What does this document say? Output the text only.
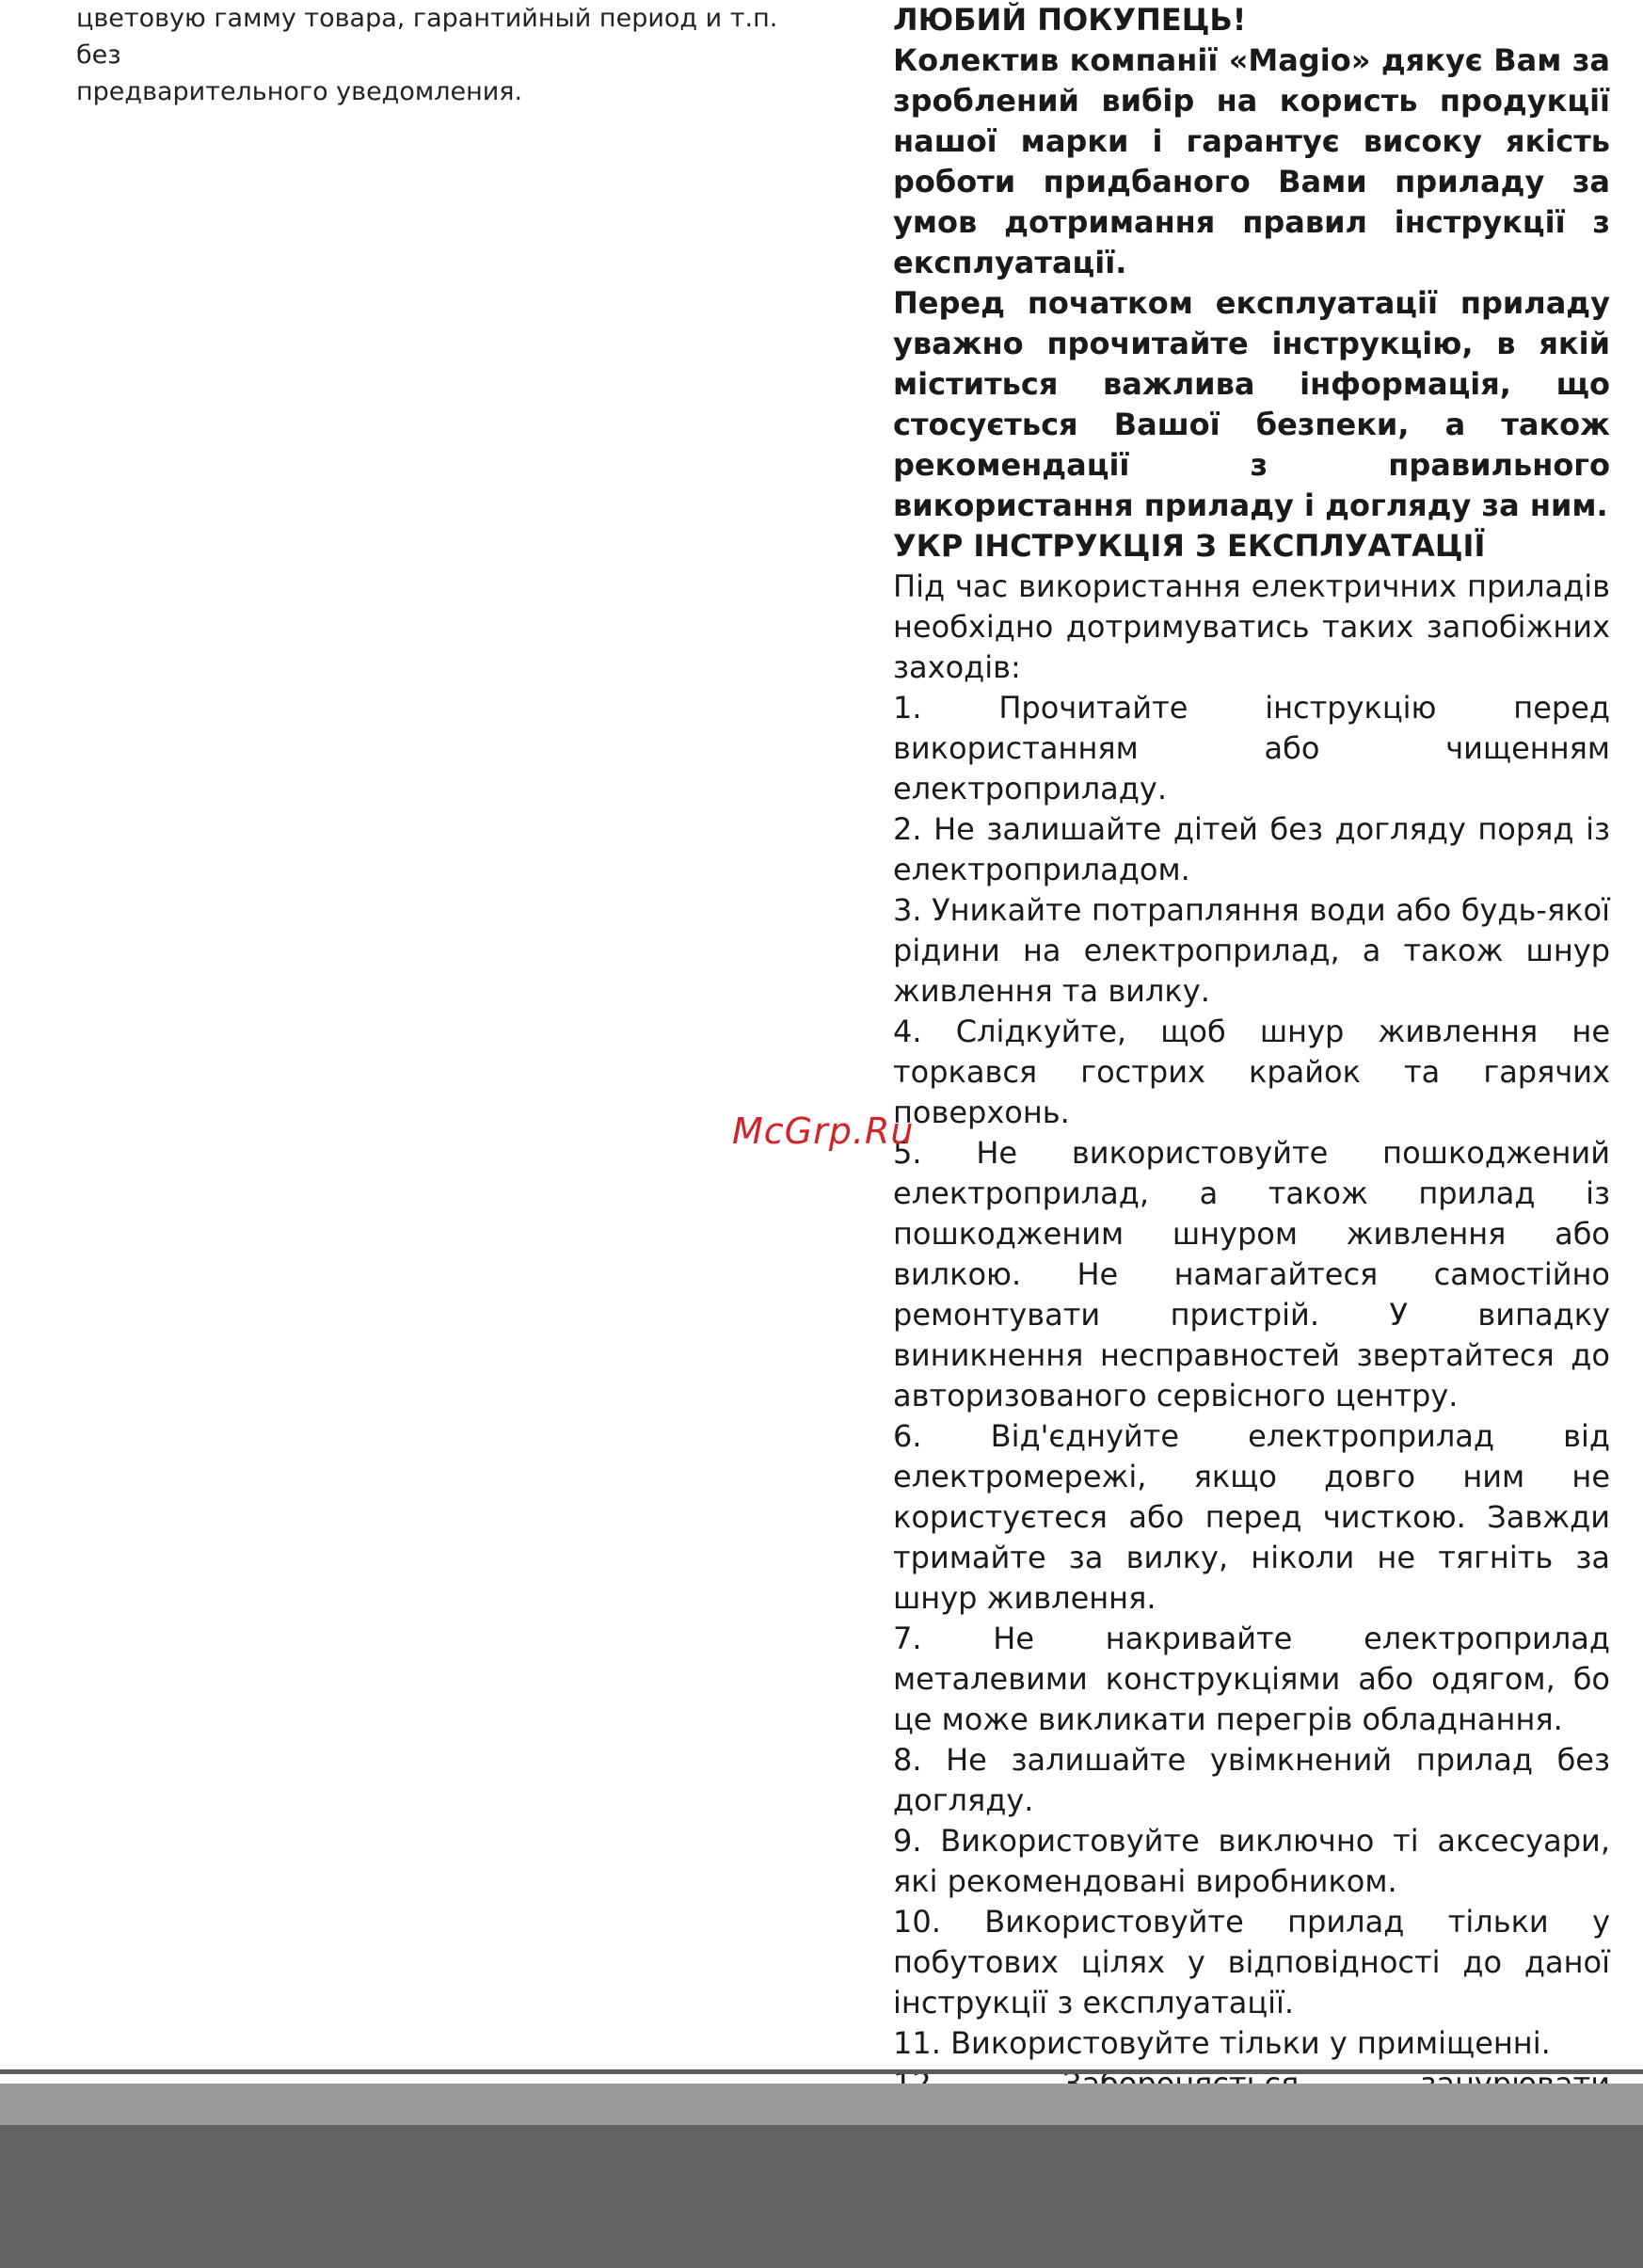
цветовую гамму товара, гарантийный период и т.п. без

предварительного уведомления.

ЛЮБИЙ ПОКУПЕЦЬ!

Колектив компанії «Magio» дякує Вам за зроблений вибір на користь продукції нашої марки і гарантує високу якість роботи придбаного Вами приладу за умов дотримання правил інструкції з експлуатації.

Перед початком експлуатації приладу уважно прочитайте інструкцію, в якій міститься важлива інформація, що стосується Вашої безпеки, а також рекомендації з правильного використання приладу і догляду за ним.

УКР ІНСТРУКЦІЯ З ЕКСПЛУАТАЦІЇ

Під час використання електричних приладів необхідно дотримуватись таких запобіжних заходів:

1. Прочитайте інструкцію перед використанням або чищенням електроприладу.

2. Не залишайте дітей без догляду поряд із електроприладом.

3. Уникайте потрапляння води або будь-якої рідини на електроприлад, а також шнур живлення та вилку.

4. Слідкуйте, щоб шнур живлення не торкався гострих крайок та гарячих поверхонь.

5. Не використовуйте пошкоджений електроприлад, а також прилад із пошкодженим шнуром живлення або вилкою. Не намагайтеся самостійно ремонтувати пристрій. У випадку виникнення несправностей звертайтеся до авторизованого сервісного центру.

6. Від'єднуйте електроприлад від електромережі, якщо довго ним не користуєтеся або перед чисткою. Завжди тримайте за вилку, ніколи не тягніть за шнур живлення.

7. Не накривайте електроприлад металевими конструкціями або одягом, бо це може викликати перегрів обладнання.

8. Не залишайте увімкнений прилад без догляду.

9. Використовуйте виключно ті аксесуари, які рекомендовані виробником.

10. Використовуйте прилад тільки у побутових цілях у відповідності до даної інструкції з експлуатації.

11. Використовуйте тільки у приміщенні.

McGrp.Ru
